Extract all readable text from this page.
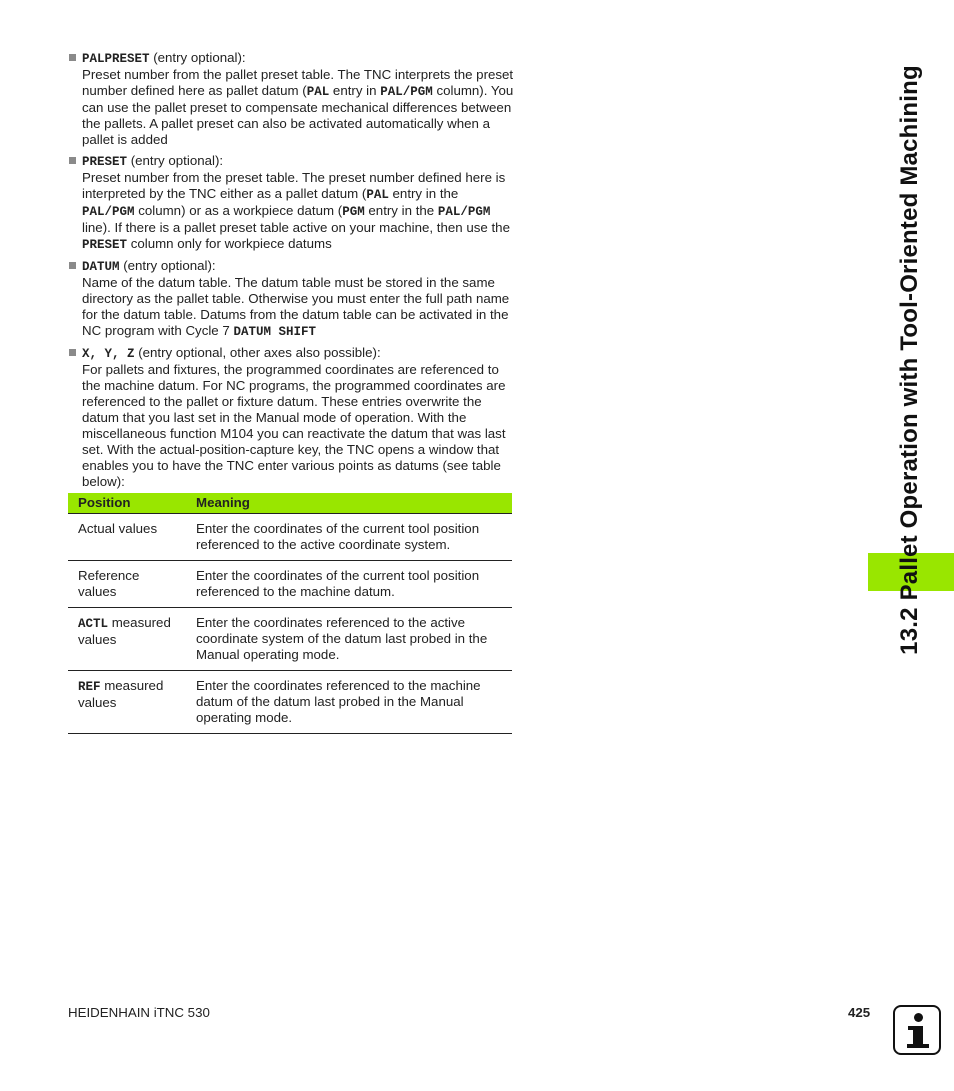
PALPRESET (entry optional):
Preset number from the pallet preset table. The TNC interprets the preset number defined here as pallet datum (PAL entry in PAL/PGM column). You can use the pallet preset to compensate mechanical differences between the pallets. A pallet preset can also be activated automatically when a pallet is added
PRESET (entry optional):
Preset number from the preset table. The preset number defined here is interpreted by the TNC either as a pallet datum (PAL entry in the PAL/PGM column) or as a workpiece datum (PGM entry in the PAL/PGM line). If there is a pallet preset table active on your machine, then use the PRESET column only for workpiece datums
DATUM (entry optional):
Name of the datum table. The datum table must be stored in the same directory as the pallet table. Otherwise you must enter the full path name for the datum table. Datums from the datum table can be activated in the NC program with Cycle 7 DATUM SHIFT
X, Y, Z (entry optional, other axes also possible):
For pallets and fixtures, the programmed coordinates are referenced to the machine datum. For NC programs, the programmed coordinates are referenced to the pallet or fixture datum. These entries overwrite the datum that you last set in the Manual mode of operation. With the miscellaneous function M104 you can reactivate the datum that was last set. With the actual-position-capture key, the TNC opens a window that enables you to have the TNC enter various points as datums (see table below):
Position	Meaning
Actual values	Enter the coordinates of the current tool position referenced to the active coordinate system.
Reference values	Enter the coordinates of the current tool position referenced to the machine datum.
ACTL measured values	Enter the coordinates referenced to the active coordinate system of the datum last probed in the Manual operating mode.
REF measured values	Enter the coordinates referenced to the machine datum of the datum last probed in the Manual operating mode.
13.2 Pallet Operation with Tool-Oriented Machining
HEIDENHAIN iTNC 530	425
